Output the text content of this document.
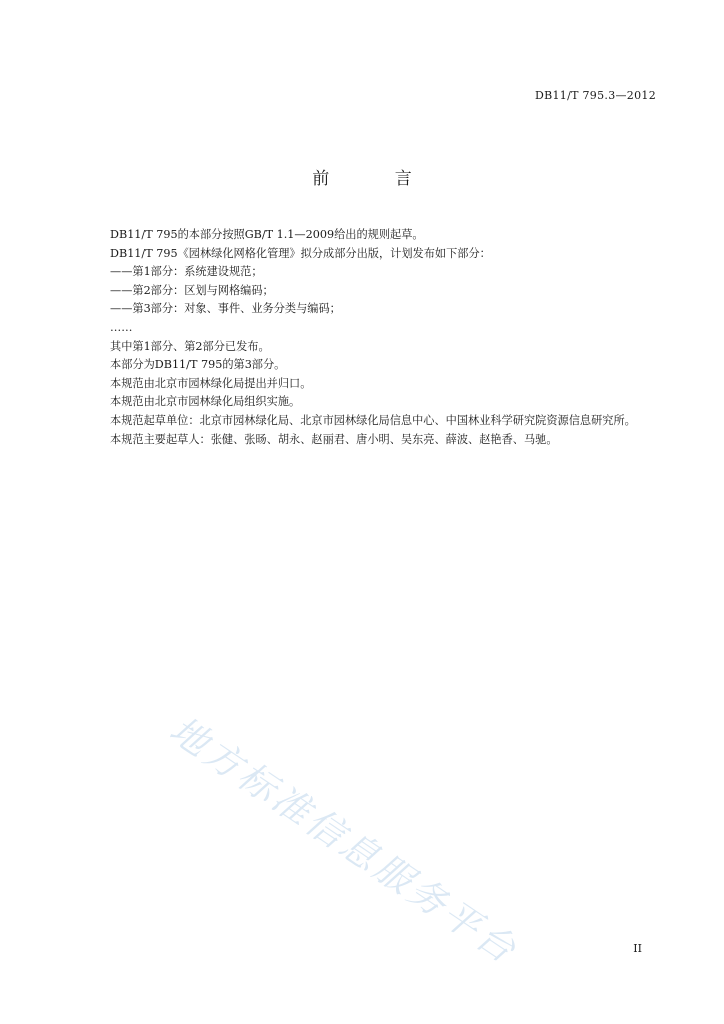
DB11/T 795.3—2012
前 言

DB11/T 795的本部分按照GB/T 1.1—2009给出的规则起草。

DB11/T 795《园林绿化网格化管理》拟分成部分出版，计划发布如下部分：

——第1部分：系统建设规范；

——第2部分：区划与网格编码；

——第3部分：对象、事件、业务分类与编码；

……

其中第1部分、第2部分已发布。

本部分为DB11/T 795的第3部分。

本规范由北京市园林绿化局提出并归口。

本规范由北京市园林绿化局组织实施。

本规范起草单位：北京市园林绿化局、北京市园林绿化局信息中心、中国林业科学研究院资源信息研究所。

本规范主要起草人：张健、张旸、胡永、赵丽君、唐小明、吴东亮、薛波、赵艳香、马驰。

地方标准信息服务平台	II
